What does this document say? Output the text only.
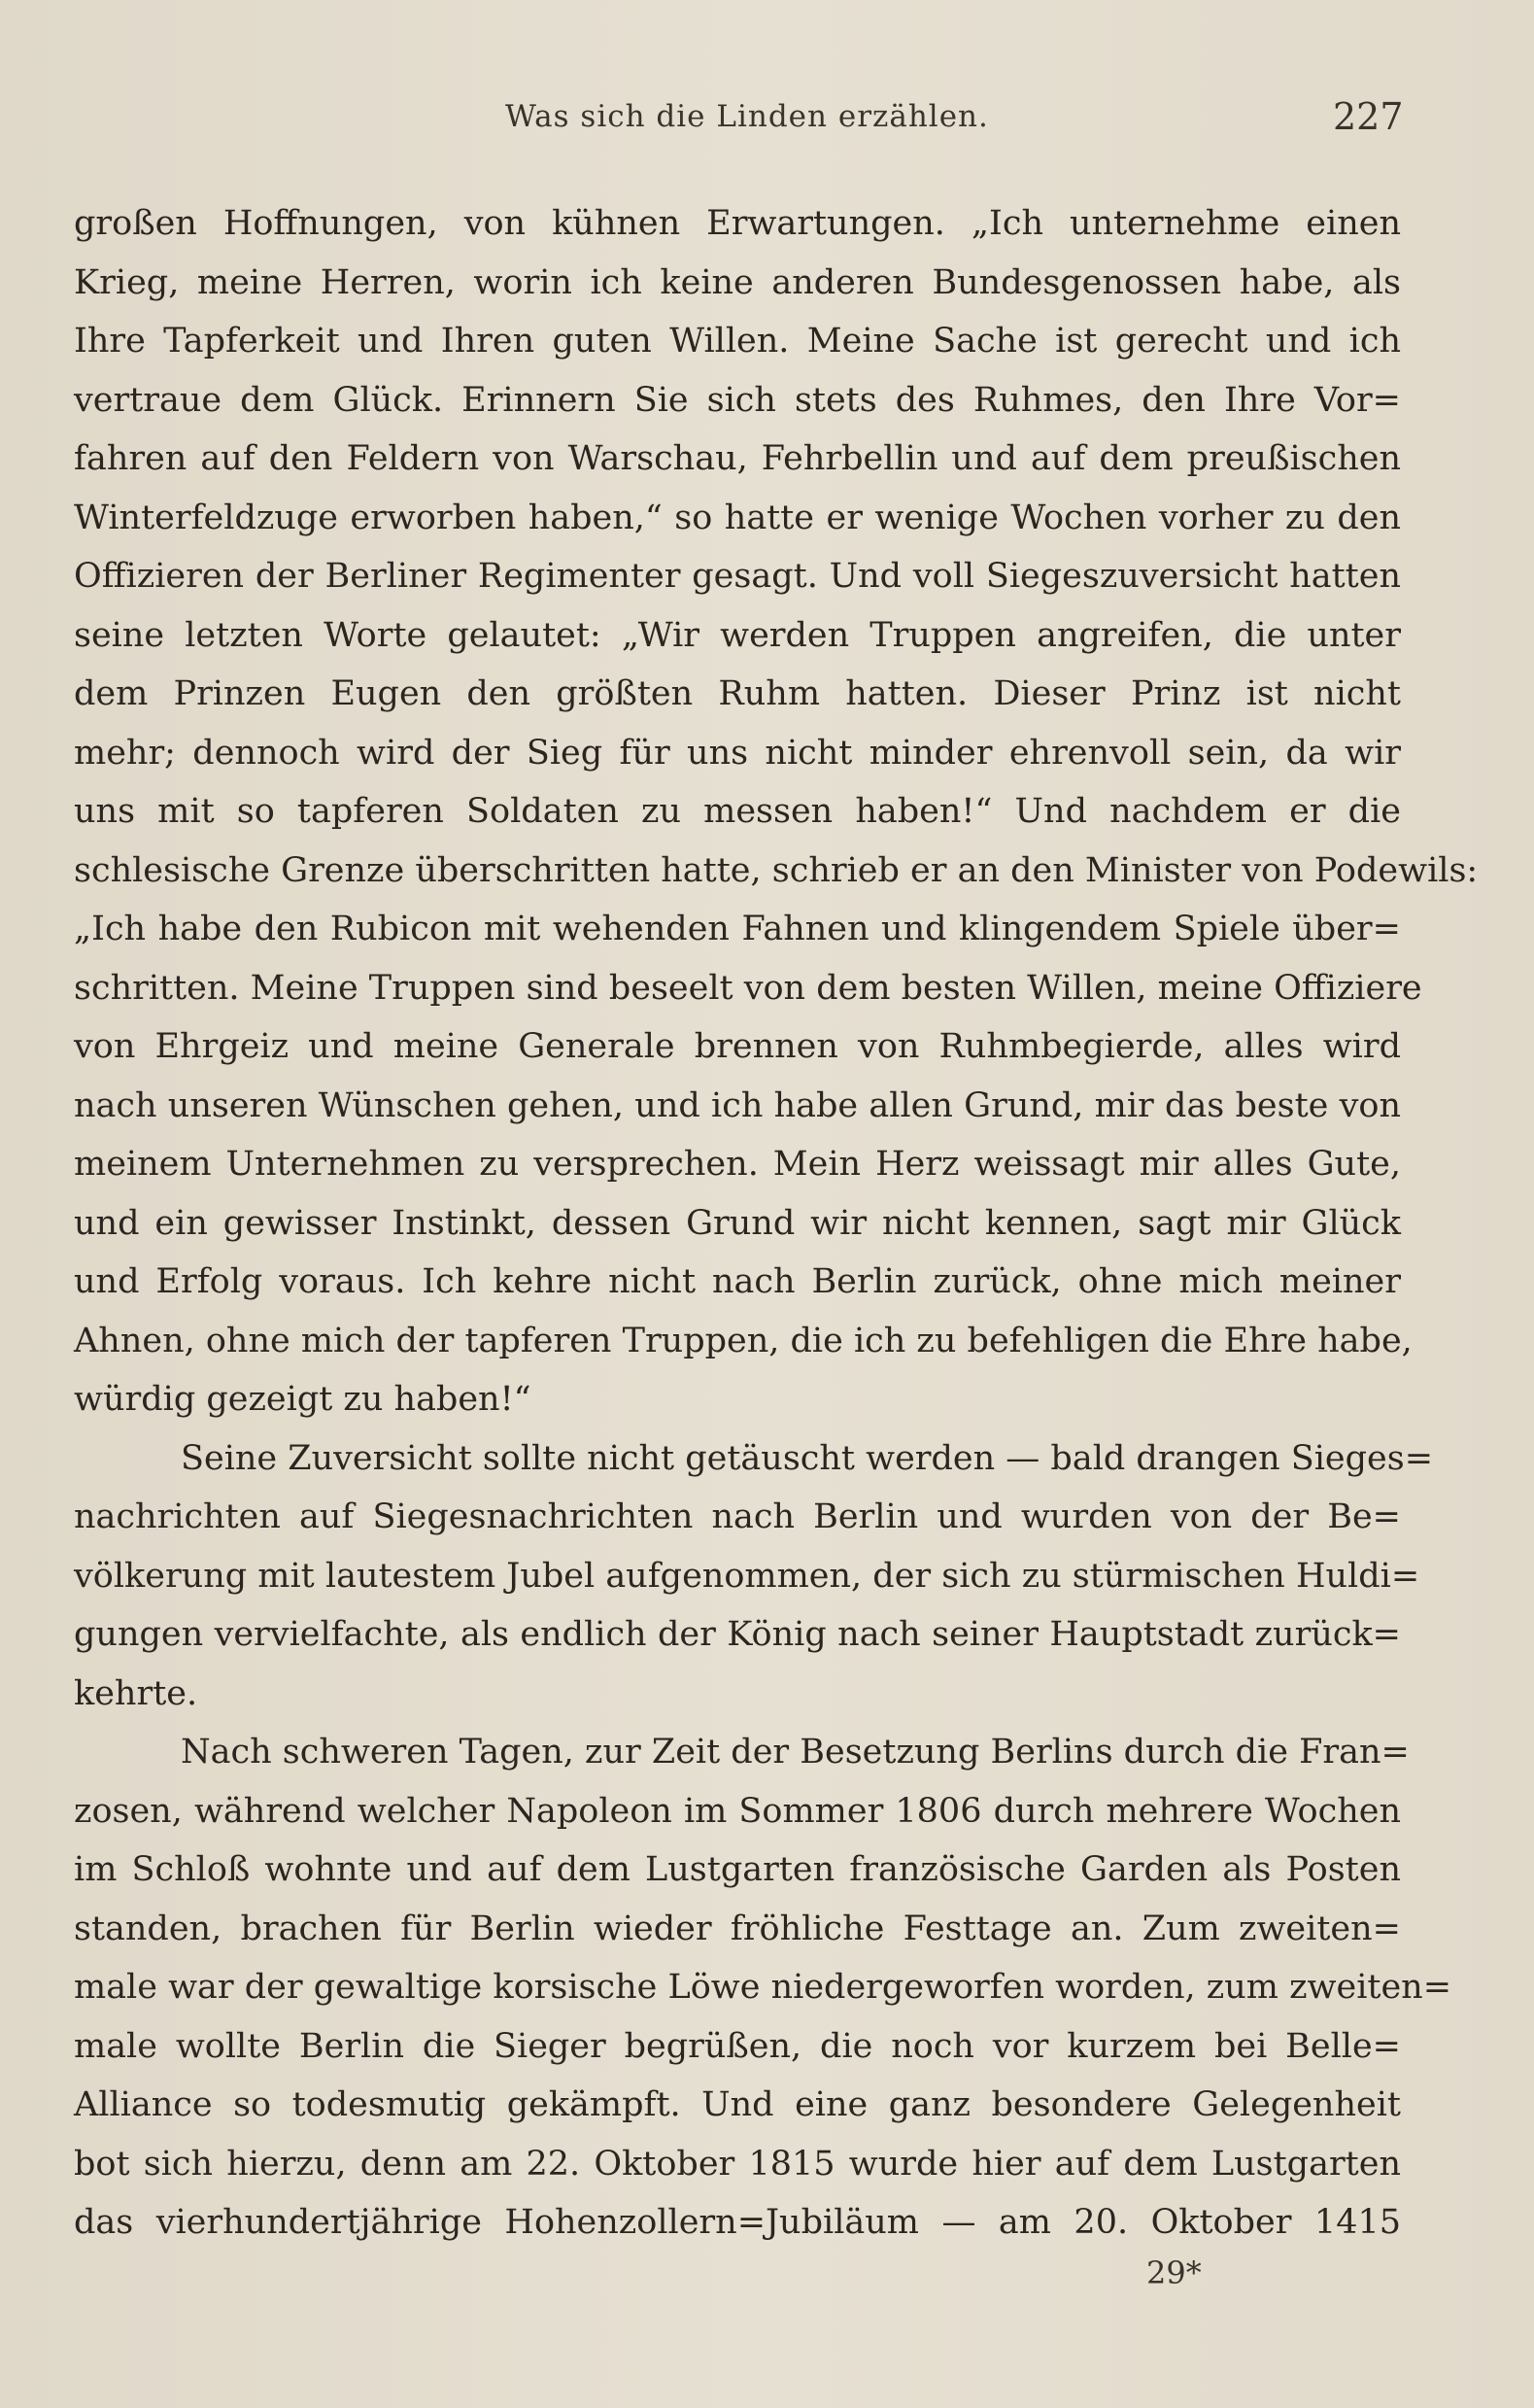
Was sich die Linden erzählen.	227
großen Hoffnungen, von kühnen Erwartungen. „Ich unternehme einen
Krieg, meine Herren, worin ich keine anderen Bundesgenossen habe, als
Ihre Tapferkeit und Ihren guten Willen. Meine Sache ist gerecht und ich
vertraue dem Glück. Erinnern Sie sich stets des Ruhmes, den Ihre Vor=
fahren auf den Feldern von Warschau, Fehrbellin und auf dem preußischen
Winterfeldzuge erworben haben,“ so hatte er wenige Wochen vorher zu den
Offizieren der Berliner Regimenter gesagt. Und voll Siegeszuversicht hatten
seine letzten Worte gelautet: „Wir werden Truppen angreifen, die unter
dem Prinzen Eugen den größten Ruhm hatten. Dieser Prinz ist nicht
mehr; dennoch wird der Sieg für uns nicht minder ehrenvoll sein, da wir
uns mit so tapferen Soldaten zu messen haben!“ Und nachdem er die
schlesische Grenze überschritten hatte, schrieb er an den Minister von Podewils:
„Ich habe den Rubicon mit wehenden Fahnen und klingendem Spiele über=
schritten. Meine Truppen sind beseelt von dem besten Willen, meine Offiziere
von Ehrgeiz und meine Generale brennen von Ruhmbegierde, alles wird
nach unseren Wünschen gehen, und ich habe allen Grund, mir das beste von
meinem Unternehmen zu versprechen. Mein Herz weissagt mir alles Gute,
und ein gewisser Instinkt, dessen Grund wir nicht kennen, sagt mir Glück
und Erfolg voraus. Ich kehre nicht nach Berlin zurück, ohne mich meiner
Ahnen, ohne mich der tapferen Truppen, die ich zu befehligen die Ehre habe,
würdig gezeigt zu haben!“
Seine Zuversicht sollte nicht getäuscht werden — bald drangen Sieges=
nachrichten auf Siegesnachrichten nach Berlin und wurden von der Be=
völkerung mit lautestem Jubel aufgenommen, der sich zu stürmischen Huldi=
gungen vervielfachte, als endlich der König nach seiner Hauptstadt zurück=
kehrte.
Nach schweren Tagen, zur Zeit der Besetzung Berlins durch die Fran=
zosen, während welcher Napoleon im Sommer 1806 durch mehrere Wochen
im Schloß wohnte und auf dem Lustgarten französische Garden als Posten
standen, brachen für Berlin wieder fröhliche Festtage an. Zum zweiten=
male war der gewaltige korsische Löwe niedergeworfen worden, zum zweiten=
male wollte Berlin die Sieger begrüßen, die noch vor kurzem bei Belle=
Alliance so todesmutig gekämpft. Und eine ganz besondere Gelegenheit
bot sich hierzu, denn am 22. Oktober 1815 wurde hier auf dem Lustgarten
das vierhundertjährige Hohenzollern=Jubiläum — am 20. Oktober 1415
29*
